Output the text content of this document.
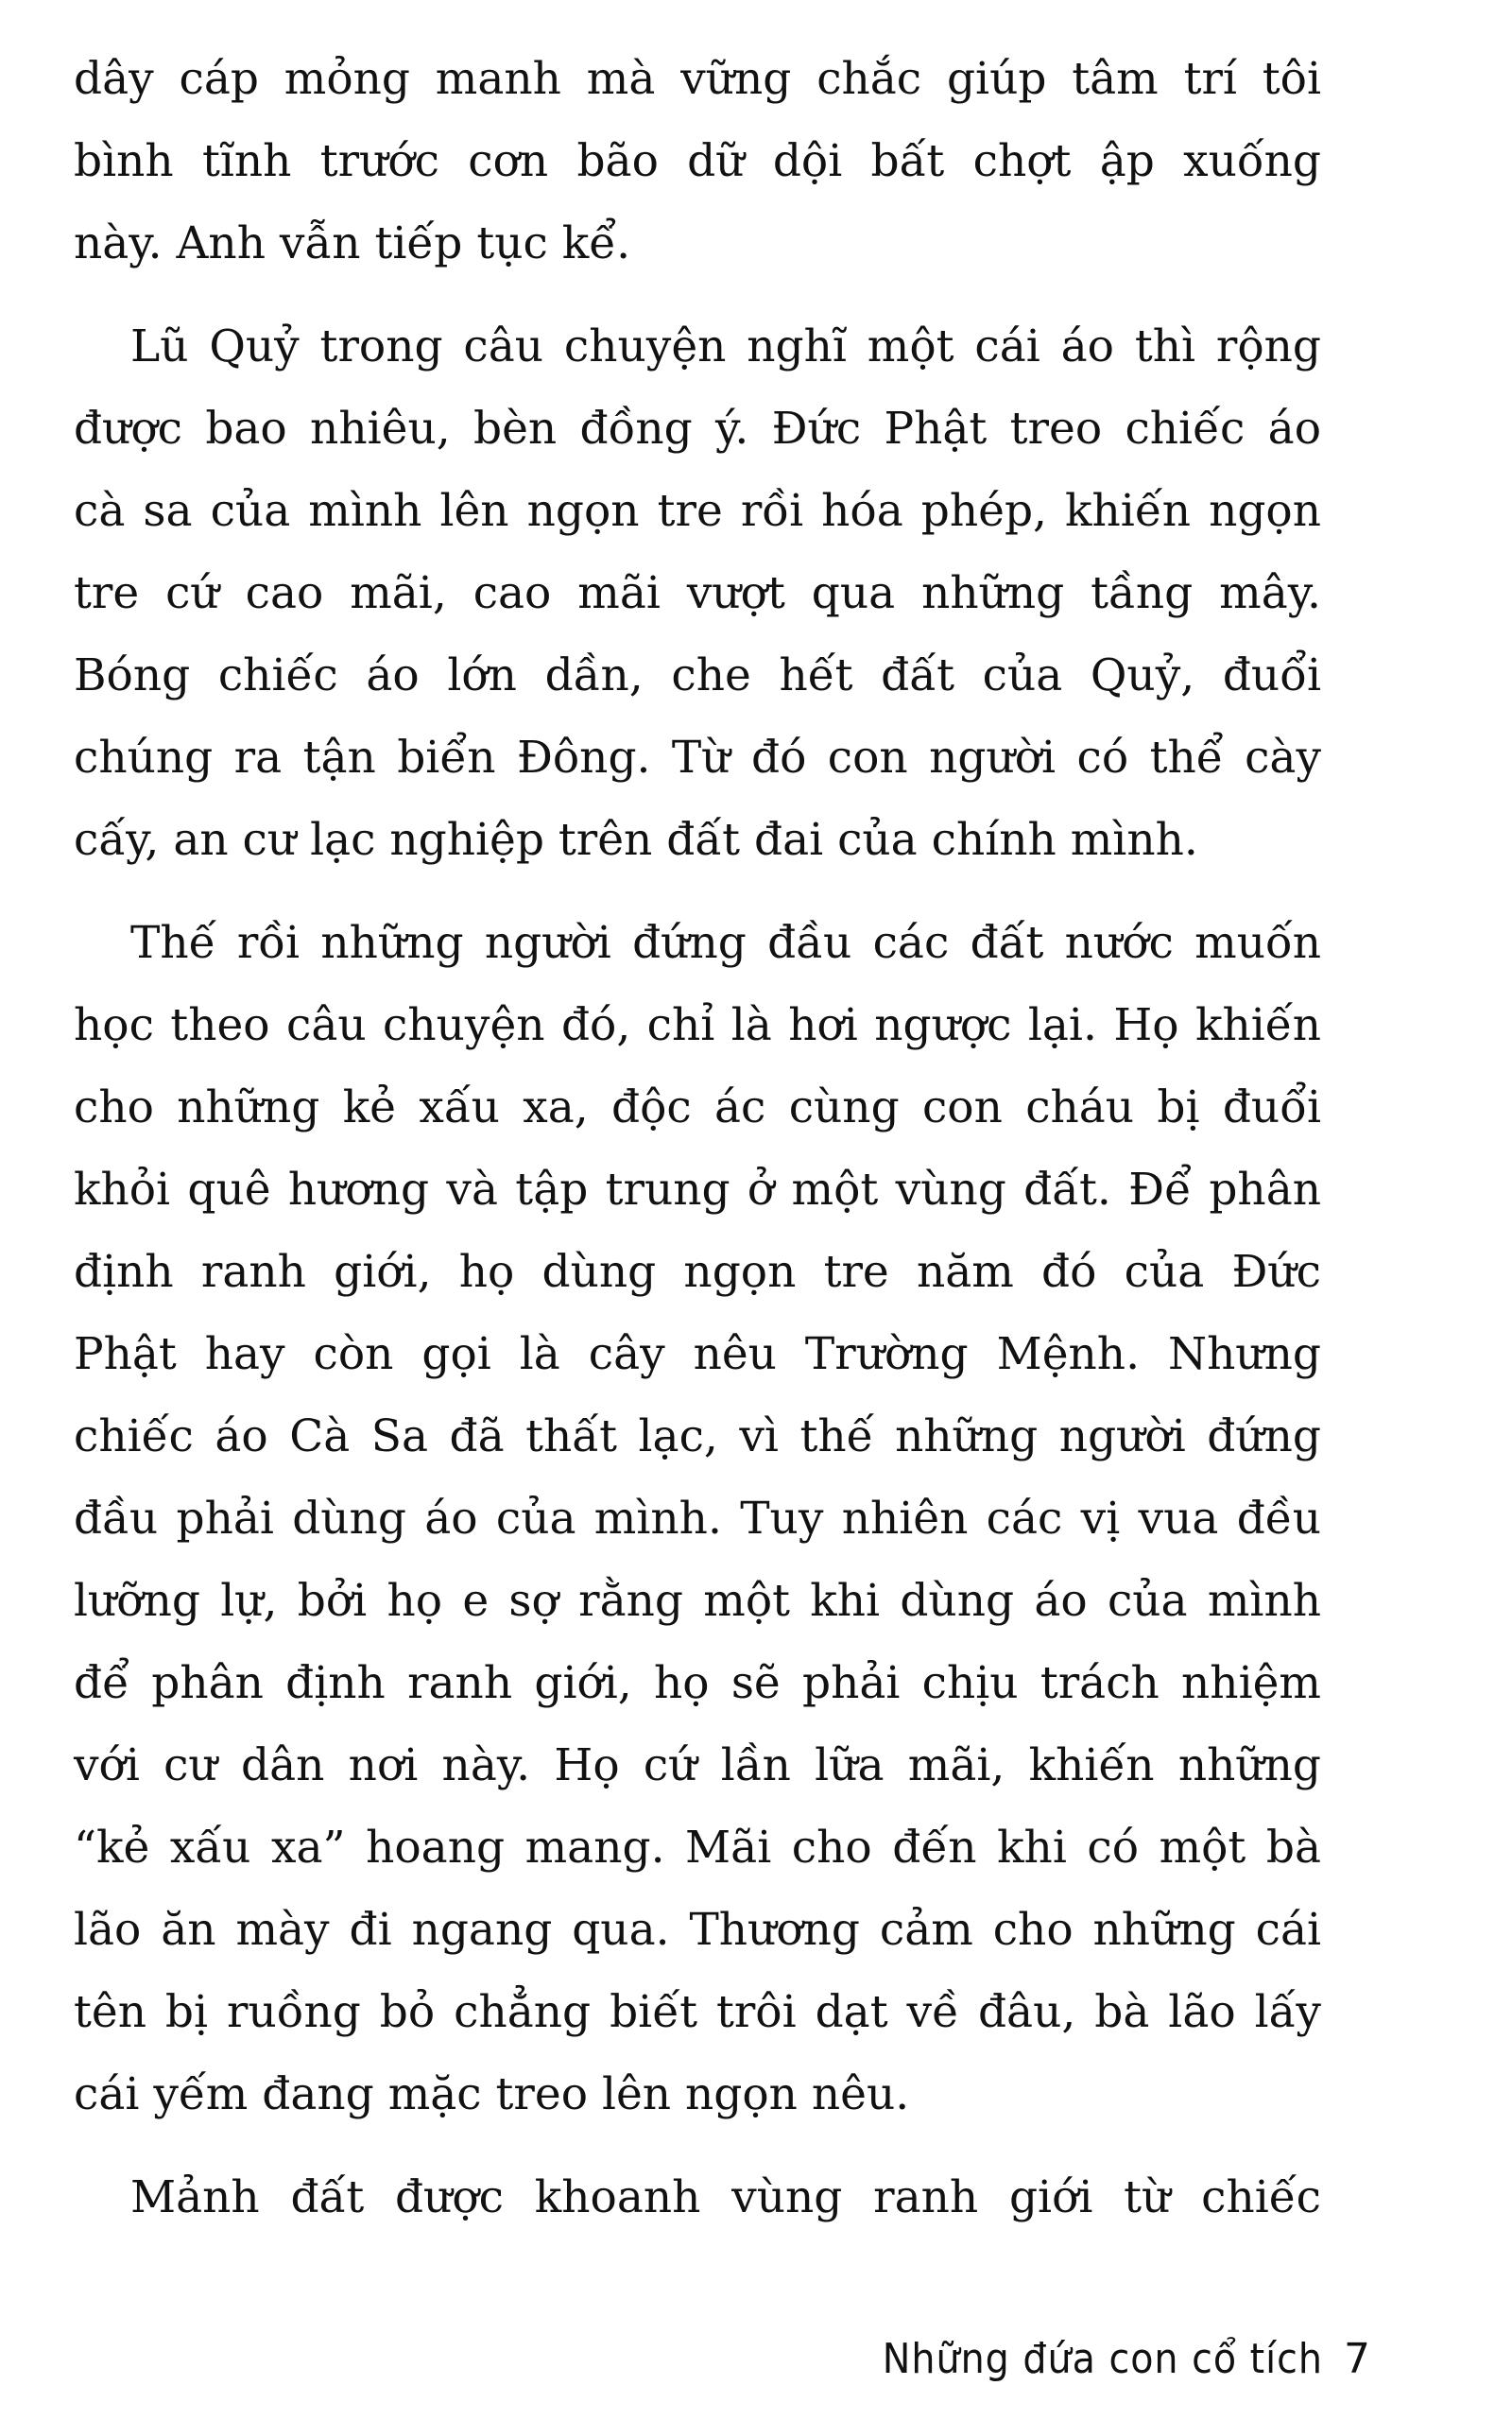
dây cáp mỏng manh mà vững chắc giúp tâm trí tôi
bình tĩnh trước cơn bão dữ dội bất chợt ập xuống
này. Anh vẫn tiếp tục kể.

Lũ Quỷ trong câu chuyện nghĩ một cái áo thì rộng
được bao nhiêu, bèn đồng ý. Đức Phật treo chiếc áo
cà sa của mình lên ngọn tre rồi hóa phép, khiến ngọn
tre cứ cao mãi, cao mãi vượt qua những tầng mây.
Bóng chiếc áo lớn dần, che hết đất của Quỷ, đuổi
chúng ra tận biển Đông. Từ đó con người có thể cày
cấy, an cư lạc nghiệp trên đất đai của chính mình.

Thế rồi những người đứng đầu các đất nước muốn
học theo câu chuyện đó, chỉ là hơi ngược lại. Họ khiến
cho những kẻ xấu xa, độc ác cùng con cháu bị đuổi
khỏi quê hương và tập trung ở một vùng đất. Để phân
định ranh giới, họ dùng ngọn tre năm đó của Đức
Phật hay còn gọi là cây nêu Trường Mệnh. Nhưng
chiếc áo Cà Sa đã thất lạc, vì thế những người đứng
đầu phải dùng áo của mình. Tuy nhiên các vị vua đều
lưỡng lự, bởi họ e sợ rằng một khi dùng áo của mình
để phân định ranh giới, họ sẽ phải chịu trách nhiệm
với cư dân nơi này. Họ cứ lần lữa mãi, khiến những
“kẻ xấu xa” hoang mang. Mãi cho đến khi có một bà
lão ăn mày đi ngang qua. Thương cảm cho những cái
tên bị ruồng bỏ chẳng biết trôi dạt về đâu, bà lão lấy
cái yếm đang mặc treo lên ngọn nêu.

Mảnh đất được khoanh vùng ranh giới từ chiếc

Những đứa con cổ tích 7
